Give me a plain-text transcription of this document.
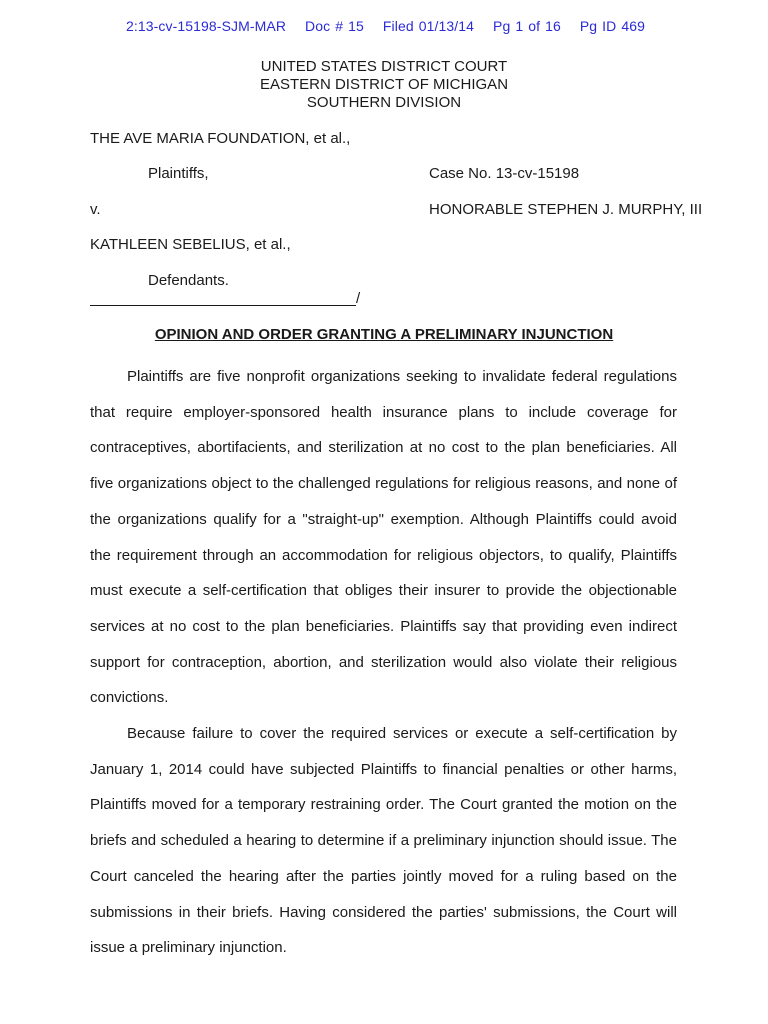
2:13-cv-15198-SJM-MAR Doc # 15 Filed 01/13/14 Pg 1 of 16 Pg ID 469
UNITED STATES DISTRICT COURT
EASTERN DISTRICT OF MICHIGAN
SOUTHERN DIVISION
THE AVE MARIA FOUNDATION, et al.,
Plaintiffs,	Case No. 13-cv-15198
v.	HONORABLE STEPHEN J. MURPHY, III
KATHLEEN SEBELIUS, et al.,
Defendants.
/
OPINION AND ORDER GRANTING A PRELIMINARY INJUNCTION

Plaintiffs are five nonprofit organizations seeking to invalidate federal regulations that require employer-sponsored health insurance plans to include coverage for contraceptives, abortifacients, and sterilization at no cost to the plan beneficiaries. All five organizations object to the challenged regulations for religious reasons, and none of the organizations qualify for a "straight-up" exemption. Although Plaintiffs could avoid the requirement through an accommodation for religious objectors, to qualify, Plaintiffs must execute a self-certification that obliges their insurer to provide the objectionable services at no cost to the plan beneficiaries. Plaintiffs say that providing even indirect support for contraception, abortion, and sterilization would also violate their religious convictions.

Because failure to cover the required services or execute a self-certification by January 1, 2014 could have subjected Plaintiffs to financial penalties or other harms, Plaintiffs moved for a temporary restraining order. The Court granted the motion on the briefs and scheduled a hearing to determine if a preliminary injunction should issue. The Court canceled the hearing after the parties jointly moved for a ruling based on the submissions in their briefs. Having considered the parties' submissions, the Court will issue a preliminary injunction.
